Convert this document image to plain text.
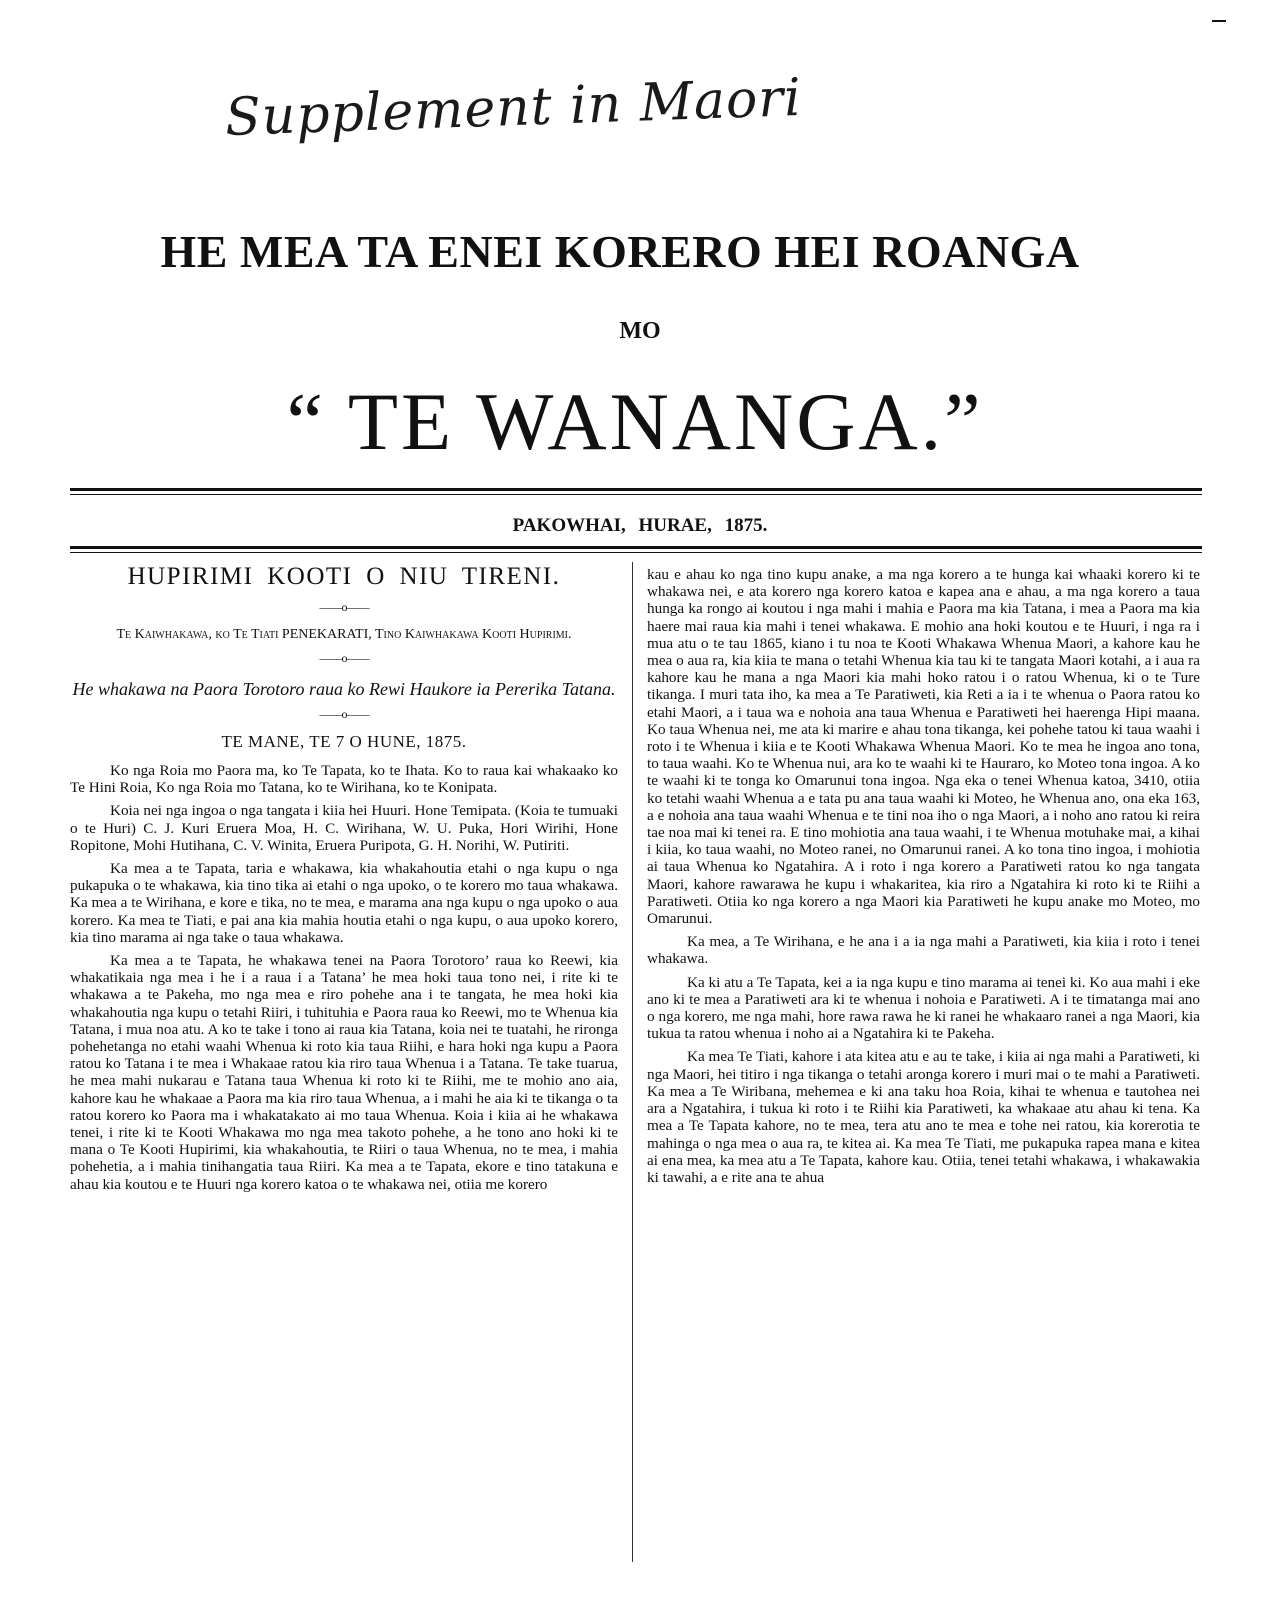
Supplement in Maori
HE MEA TA ENEI KORERO HEI ROANGA
MO
“ TE WANANGA.”
PAKOWHAI, HURAE, 1875.
HUPIRIMI KOOTI O NIU TIRENI.
——o——
Te Kaiwhakawa, ko Te Tiati PENEKARATI, Tino Kaiwhakawa Kooti Hupirimi.
——o——
He whakawa na Paora Torotoro raua ko Rewi Haukore ia Pererika Tatana.
——o——
TE MANE, TE 7 O HUNE, 1875.

Ko nga Roia mo Paora ma, ko Te Tapata, ko te Ihata. Ko to raua kai whakaako ko Te Hini Roia, Ko nga Roia mo Tatana, ko te Wirihana, ko te Konipata.

Koia nei nga ingoa o nga tangata i kiia hei Huuri. Hone Temipata. (Koia te tumuaki o te Huri) C. J. Kuri Eruera Moa, H. C. Wirihana, W. U. Puka, Hori Wirihi, Hone Ropitone, Mohi Hutihana, C. V. Winita, Eruera Puripota, G. H. Norihi, W. Putiriti.

Ka mea a te Tapata, taria e whakawa, kia whakahoutia etahi o nga kupu o nga pukapuka o te whakawa, kia tino tika ai etahi o nga upoko, o te korero mo taua whakawa. Ka mea a te Wirihana, e kore e tika, no te mea, e marama ana nga kupu o nga upoko o aua korero. Ka mea te Tiati, e pai ana kia mahia houtia etahi o nga kupu, o aua upoko korero, kia tino marama ai nga take o taua whakawa.

Ka mea a te Tapata, he whakawa tenei na Paora Torotoro’ raua ko Reewi, kia whakatikaia nga mea i he i a raua i a Tatana’ he mea hoki taua tono nei, i rite ki te whakawa a te Pakeha, mo nga mea e riro pohehe ana i te tangata, he mea hoki kia whakahoutia nga kupu o tetahi Riiri, i tuhituhia e Paora raua ko Reewi, mo te Whenua kia Tatana, i mua noa atu. A ko te take i tono ai raua kia Tatana, koia nei te tuatahi, he rironga pohehetanga no etahi waahi Whenua ki roto kia taua Riihi, e hara hoki nga kupu a Paora ratou ko Tatana i te mea i Whakaae ratou kia riro taua Whenua i a Tatana. Te take tuarua, he mea mahi nukarau e Tatana taua Whenua ki roto ki te Riihi, me te mohio ano aia, kahore kau he whakaae a Paora ma kia riro taua Whenua, a i mahi he aia ki te tikanga o ta ratou korero ko Paora ma i whakatakato ai mo taua Whenua. Koia i kiia ai he whakawa tenei, i rite ki te Kooti Whakawa mo nga mea takoto pohehe, a he tono ano hoki ki te mana o Te Kooti Hupirimi, kia whakahoutia, te Riiri o taua Whenua, no te mea, i mahia pohehetia, a i mahia tinihangatia taua Riiri. Ka mea a te Tapata, ekore e tino tatakuna e ahau kia koutou e te Huuri nga korero katoa o te whakawa nei, otiia me korero

kau e ahau ko nga tino kupu anake, a ma nga korero a te hunga kai whaaki korero ki te whakawa nei, e ata korero nga korero katoa e kapea ana e ahau, a ma nga korero a taua hunga ka rongo ai koutou i nga mahi i mahia e Paora ma kia Tatana, i mea a Paora ma kia haere mai raua kia mahi i tenei whakawa. E mohio ana hoki koutou e te Huuri, i nga ra i mua atu o te tau 1865, kiano i tu noa te Kooti Whakawa Whenua Maori, a kahore kau he mea o aua ra, kia kiia te mana o tetahi Whenua kia tau ki te tangata Maori kotahi, a i aua ra kahore kau he mana a nga Maori kia mahi hoko ratou i o ratou Whenua, ki o te Ture tikanga. I muri tata iho, ka mea a Te Paratiweti, kia Reti a ia i te whenua o Paora ratou ko etahi Maori, a i taua wa e nohoia ana taua Whenua e Paratiweti hei haerenga Hipi maana. Ko taua Whenua nei, me ata ki marire e ahau tona tikanga, kei pohehe tatou ki taua waahi i roto i te Whenua i kiia e te Kooti Whakawa Whenua Maori. Ko te mea he ingoa ano tona, to taua waahi. Ko te Whenua nui, ara ko te waahi ki te Hauraro, ko Moteo tona ingoa. A ko te waahi ki te tonga ko Omarunui tona ingoa. Nga eka o tenei Whenua katoa, 3410, otiia ko tetahi waahi Whenua a e tata pu ana taua waahi ki Moteo, he Whenua ano, ona eka 163, a e nohoia ana taua waahi Whenua e te tini noa iho o nga Maori, a i noho ano ratou ki reira tae noa mai ki tenei ra. E tino mohiotia ana taua waahi, i te Whenua motuhake mai, a kihai i kiia, ko taua waahi, no Moteo ranei, no Omarunui ranei. A ko tona tino ingoa, i mohiotia ai taua Whenua ko Ngatahira. A i roto i nga korero a Paratiweti ratou ko nga tangata Maori, kahore rawarawa he kupu i whakaritea, kia riro a Ngatahira ki roto ki te Riihi a Paratiweti. Otiia ko nga korero a nga Maori kia Paratiweti he kupu anake mo Moteo, mo Omarunui.

Ka mea, a Te Wirihana, e he ana i a ia nga mahi a Paratiweti, kia kiia i roto i tenei whakawa.

Ka ki atu a Te Tapata, kei a ia nga kupu e tino marama ai tenei ki. Ko aua mahi i eke ano ki te mea a Paratiweti ara ki te whenua i nohoia e Paratiweti. A i te timatanga mai ano o nga korero, me nga mahi, hore rawa rawa he ki ranei he whakaaro ranei a nga Maori, kia tukua ta ratou whenua i noho ai a Ngatahira ki te Pakeha.

Ka mea Te Tiati, kahore i ata kitea atu e au te take, i kiia ai nga mahi a Paratiweti, ki nga Maori, hei titiro i nga tikanga o tetahi aronga korero i muri mai o te mahi a Paratiweti. Ka mea a Te Wiribana, mehemea e ki ana taku hoa Roia, kihai te whenua e tautohea nei ara a Ngatahira, i tukua ki roto i te Riihi kia Paratiweti, ka whakaae atu ahau ki tena. Ka mea a Te Tapata kahore, no te mea, tera atu ano te mea e tohe nei ratou, kia korerotia te mahinga o nga mea o aua ra, te kitea ai. Ka mea Te Tiati, me pukapuka rapea mana e kitea ai ena mea, ka mea atu a Te Tapata, kahore kau. Otiia, tenei tetahi whakawa, i whakawakia ki tawahi, a e rite ana te ahua
